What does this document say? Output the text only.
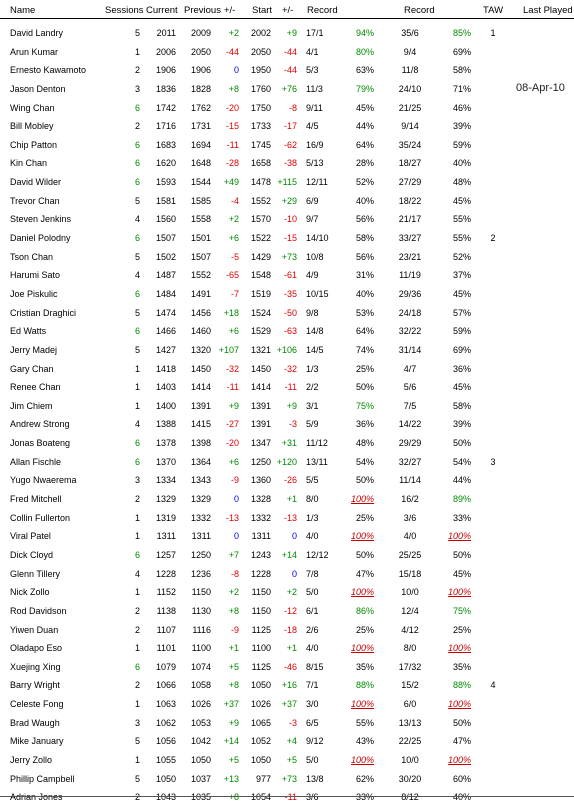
Name	Sessions Current Previous +/- Start +/- Record	Record	TAW Last Played
08-Apr-10
David Landry	5	2011	2009	+2	2002	+9 17/1	94%	35/6	85% 1
Arun Kumar	1	2006	2050	-44	2050	-44 4/1	80%	9/4	69%
Ernesto Kawamoto	2	1906	1906	0	1950	-44 5/3	63%	11/8	58%
Jason Denton	3	1836	1828	+8	1760	+76 11/3	79%	24/10	71%
Wing Chan	6	1742	1762	-20	1750	-8 9/11	45%	21/25	46%
Bill Mobley	2	1716	1731	-15	1733	-17 4/5	44%	9/14	39%
Chip Patton	6	1683	1694	-11	1745	-62 16/9	64%	35/24	59%
Kin Chan	6	1620	1648	-28	1658	-38 5/13	28%	18/27	40%
David Wilder	6	1593	1544	+49	1478 +115 12/11	52%	27/29	48%
Trevor Chan	5	1581	1585	-4	1552	+29 6/9	40%	18/22	45%
Steven Jenkins	4	1560	1558	+2	1570	-10 9/7	56%	21/17	55%
Daniel Polodny	6	1507	1501	+6	1522	-15 14/10	58%	33/27	55% 2
Tson Chan	5	1502	1507	-5	1429	+73 10/8	56%	23/21	52%
Harumi Sato	4	1487	1552	-65	1548	-61 4/9	31%	11/19	37%
Joe Piskulic	6	1484	1491	-7	1519	-35 10/15	40%	29/36	45%
Cristian Draghici	5	1474	1456	+18	1524	-50 9/8	53%	24/18	57%
Ed Watts	6	1466	1460	+6	1529	-63 14/8	64%	32/22	59%
Jerry Madej	5	1427	1320 +107	1321 +106 14/5	74%	31/14	69%
Gary Chan	1	1418	1450	-32	1450	-32 1/3	25%	4/7	36%
Renee Chan	1	1403	1414	-11	1414	-11 2/2	50%	5/6	45%
Jim Chiem	1	1400	1391	+9	1391	+9 3/1	75%	7/5	58%
Andrew Strong	4	1388	1415	-27	1391	-3 5/9	36%	14/22	39%
Jonas Boateng	6	1378	1398	-20	1347	+31 11/12	48%	29/29	50%
Allan Fischle	6	1370	1364	+6	1250 +120 13/11	54%	32/27	54% 3
Yugo Nwaerema	3	1334	1343	-9	1360	-26 5/5	50%	11/14	44%
Fred Mitchell	2	1329	1329	0	1328	+1 8/0	100%	16/2	89%
Collin Fullerton	1	1319	1332	-13	1332	-13 1/3	25%	3/6	33%
Viral Patel	1	1311	1311	0	1311	0 4/0	100%	4/0	100%
Dick Cloyd	6	1257	1250	+7	1243	+14 12/12	50%	25/25	50%
Glenn Tillery	4	1228	1236	-8	1228	0 7/8	47%	15/18	45%
Nick Zollo	1	1152	1150	+2	1150	+2 5/0	100%	10/0	100%
Rod Davidson	2	1138	1130	+8	1150	-12 6/1	86%	12/4	75%
Yiwen Duan	2	1107	1116	-9	1125	-18 2/6	25%	4/12	25%
Oladapo Eso	1	1101	1100	+1	1100	+1 4/0	100%	8/0	100%
Xuejing Xing	6	1079	1074	+5	1125	-46 8/15	35%	17/32	35%
Barry Wright	2	1066	1058	+8	1050	+16 7/1	88%	15/2	88% 4
Celeste Fong	1	1063	1026	+37	1026	+37 3/0	100%	6/0	100%
Brad Waugh	3	1062	1053	+9	1065	-3 6/5	55%	13/13	50%
Mike January	5	1056	1042	+14	1052	+4 9/12	43%	22/25	47%
Jerry Zollo	1	1055	1050	+5	1050	+5 5/0	100%	10/0	100%
Phillip Campbell	5	1050	1037	+13	977	+73 13/8	62%	30/20	60%
Adrian Jones	2	1043	1035	+8	1054	-11 3/6	33%	8/12	40%
